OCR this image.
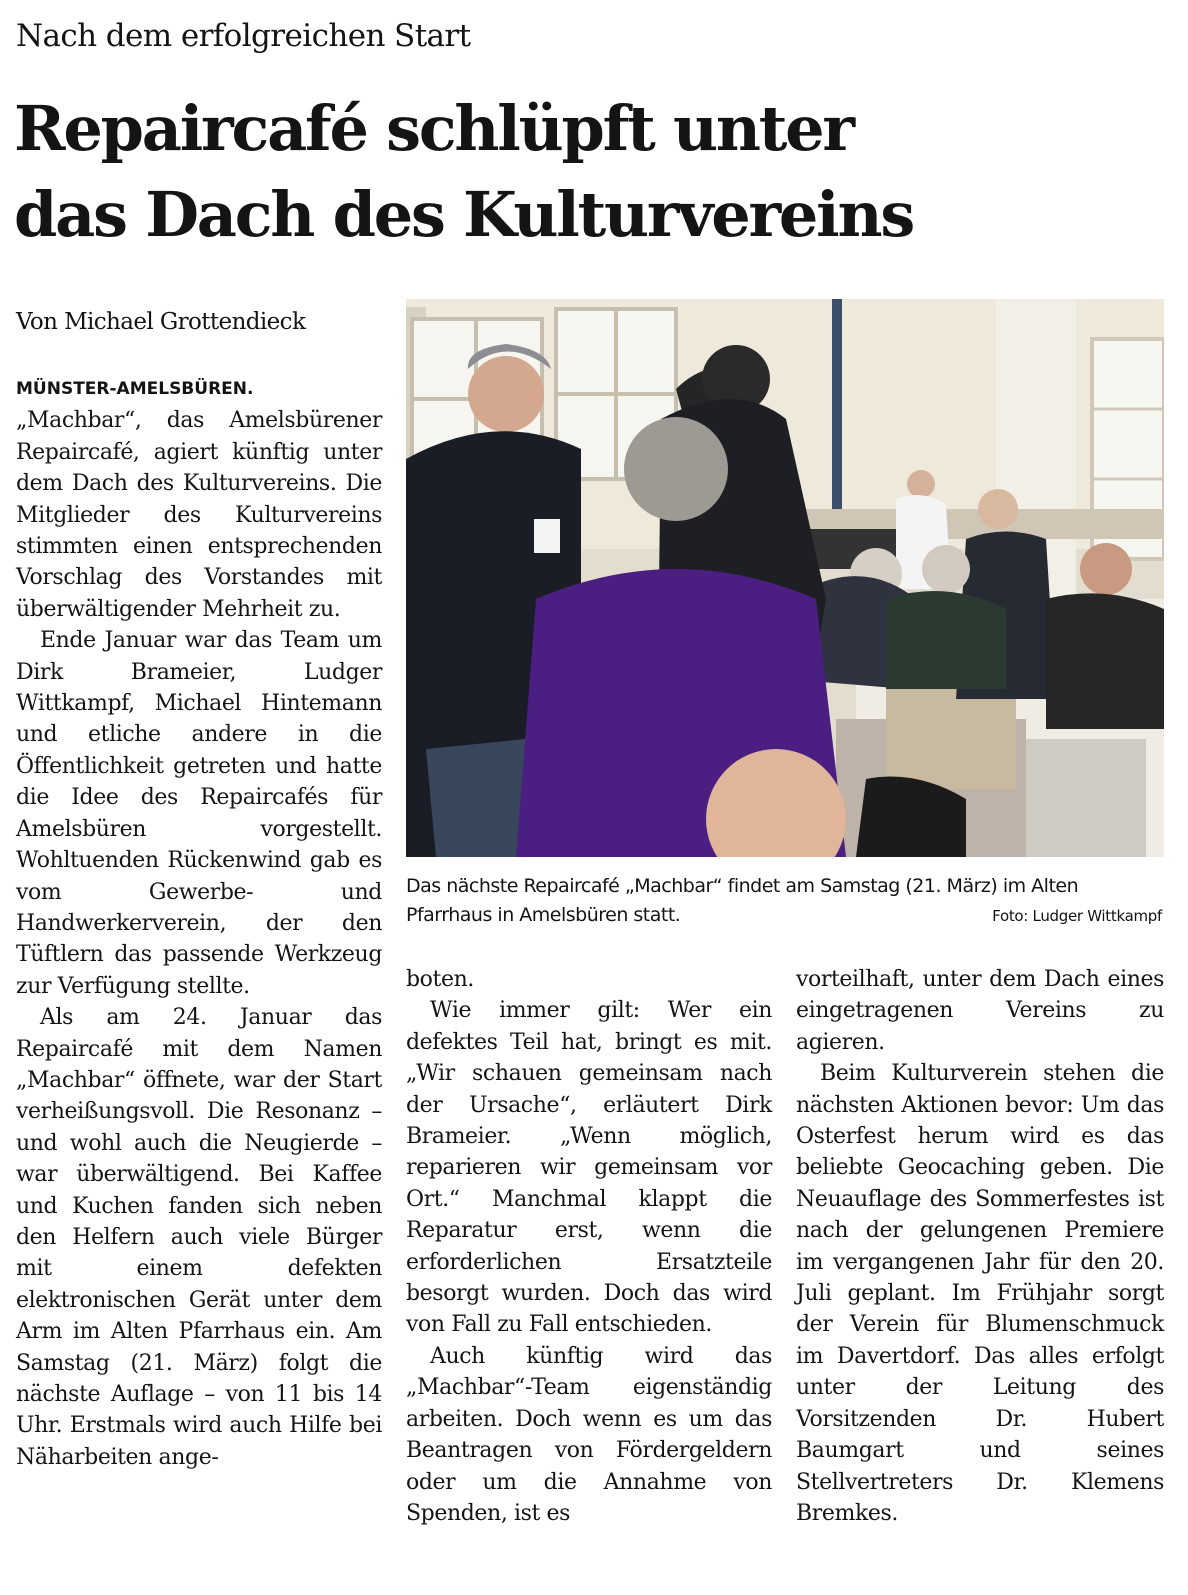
Nach dem erfolgreichen Start
Repaircafé schlüpft unter
das Dach des Kulturvereins
Von Michael Grottendieck

MÜNSTER-AMELSBÜREN. „Machbar“, das Amelsbürener Repaircafé, agiert künftig unter dem Dach des Kulturvereins. Die Mitglieder des Kulturvereins stimmten einen entsprechenden Vorschlag des Vorstandes mit überwältigender Mehrheit zu.

Ende Januar war das Team um Dirk Brameier, Ludger Wittkampf, Michael Hintemann und etliche andere in die Öffentlichkeit getreten und hatte die Idee des Repaircafés für Amelsbüren vorgestellt. Wohltuenden Rückenwind gab es vom Gewerbe- und Handwerkerverein, der den Tüftlern das passende Werkzeug zur Verfügung stellte.

Als am 24. Januar das Repaircafé mit dem Namen „Machbar“ öffnete, war der Start verheißungsvoll. Die Resonanz – und wohl auch die Neugierde – war überwältigend. Bei Kaffee und Kuchen fanden sich neben den Helfern auch viele Bürger mit einem defekten elektronischen Gerät unter dem Arm im Alten Pfarrhaus ein. Am Samstag (21. März) folgt die nächste Auflage – von 11 bis 14 Uhr. Erstmals wird auch Hilfe bei Näharbeiten ange-

Das nächste Repaircafé „Machbar“ findet am Samstag (21. März) im Alten Pfarrhaus in Amelsbüren statt.	Foto: Ludger Wittkampf

boten.

Wie immer gilt: Wer ein defektes Teil hat, bringt es mit. „Wir schauen gemeinsam nach der Ursache“, erläutert Dirk Brameier. „Wenn möglich, reparieren wir gemeinsam vor Ort.“ Manchmal klappt die Reparatur erst, wenn die erforderlichen Ersatzteile besorgt wurden. Doch das wird von Fall zu Fall entschieden.

Auch künftig wird das „Machbar“-Team eigenständig arbeiten. Doch wenn es um das Beantragen von Fördergeldern oder um die Annahme von Spenden, ist es

vorteilhaft, unter dem Dach eines eingetragenen Vereins zu agieren.

Beim Kulturverein stehen die nächsten Aktionen bevor: Um das Osterfest herum wird es das beliebte Geocaching geben. Die Neuauflage des Sommerfestes ist nach der gelungenen Premiere im vergangenen Jahr für den 20. Juli geplant. Im Frühjahr sorgt der Verein für Blumenschmuck im Davertdorf. Das alles erfolgt unter der Leitung des Vorsitzenden Dr. Hubert Baumgart und seines Stellvertreters Dr. Klemens Bremkes.
